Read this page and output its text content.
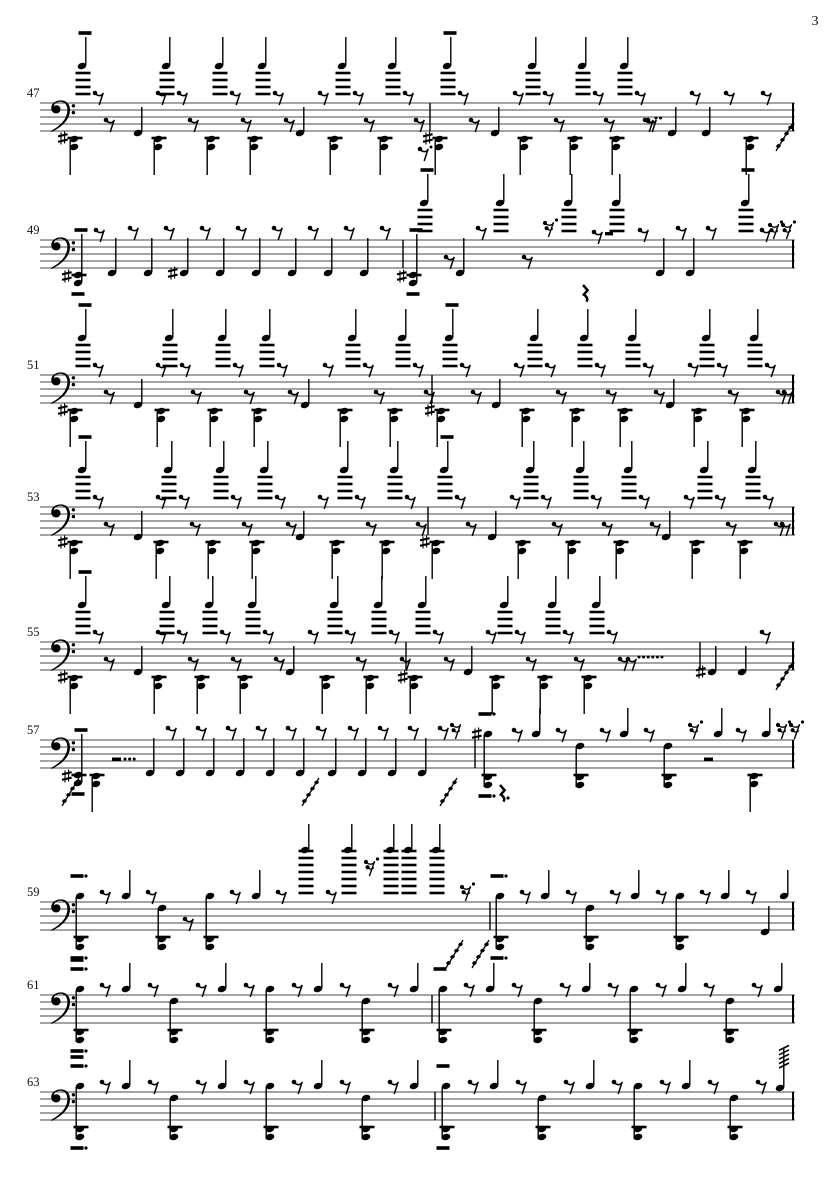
3
47
49
51
53
55
57
59
61
63
